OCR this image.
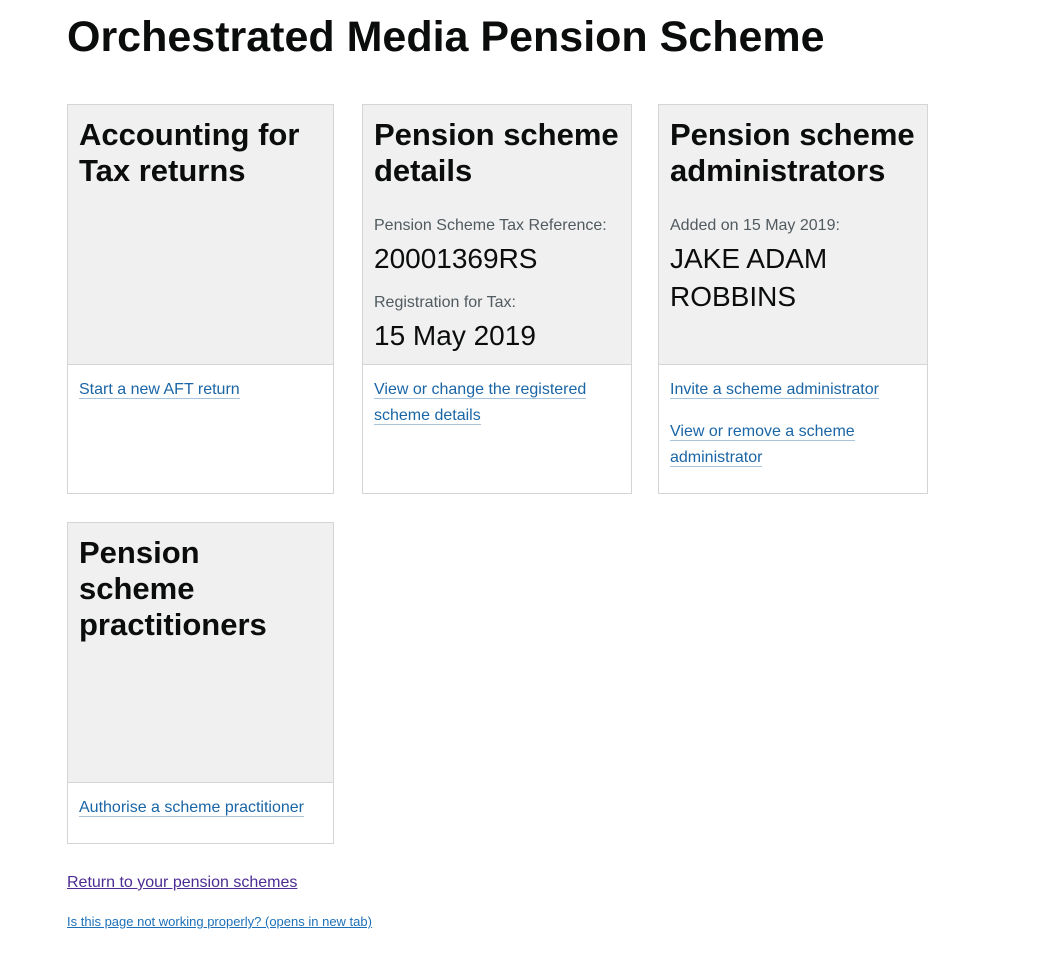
Orchestrated Media Pension Scheme
Accounting for Tax returns
Start a new AFT return
Pension scheme details

Pension Scheme Tax Reference:

20001369RS

Registration for Tax:

15 May 2019

View or change the registered scheme details
Pension scheme administrators

Added on 15 May 2019:

JAKE ADAM ROBBINS

Invite a scheme administrator
View or remove a scheme administrator
Pension scheme practitioners
Authorise a scheme practitioner
Return to your pension schemes
Is this page not working properly? (opens in new tab)
